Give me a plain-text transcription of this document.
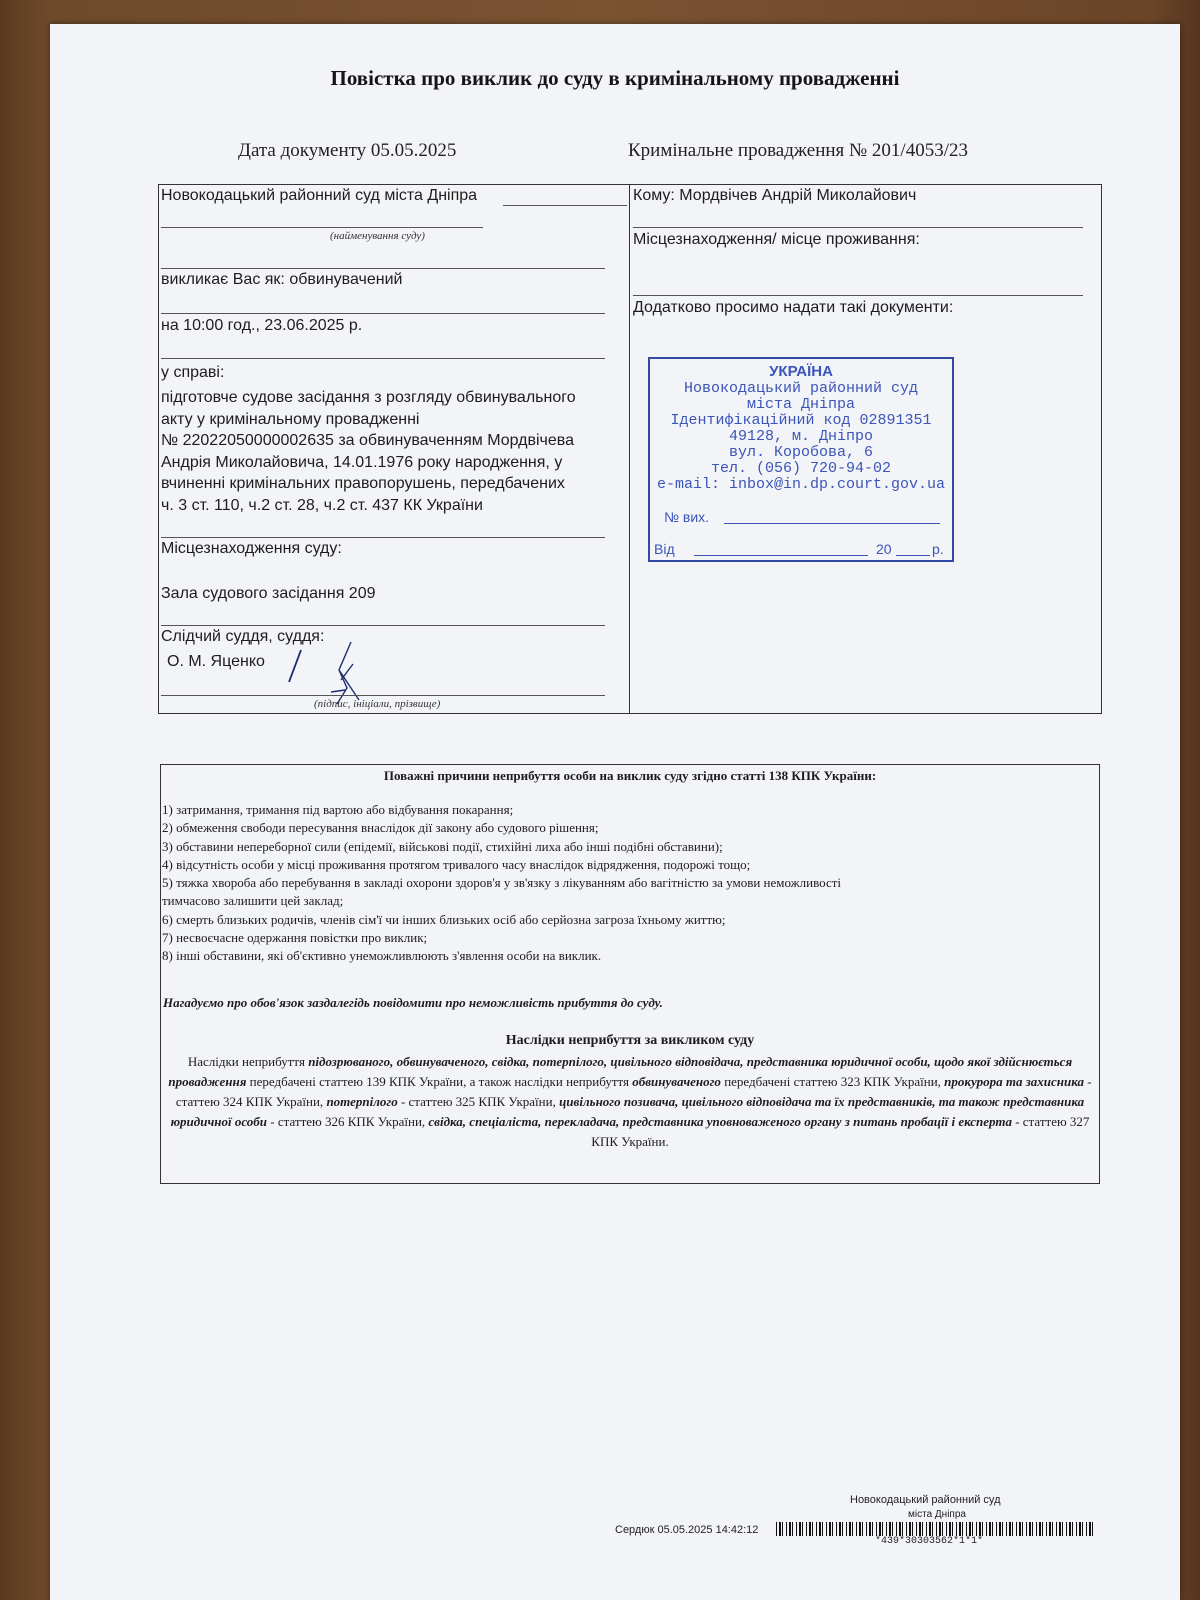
Повістка про виклик до суду в кримінальному провадженні
Дата документу 05.05.2025	Кримінальне провадження № 201/4053/23
Новокодацький районний суд міста Дніпра
(найменування суду)
викликає Вас як: обвинувачений
на 10:00 год., 23.06.2025 р.
у справі:
підготовче судове засідання з розгляду обвинувального
акту у кримінальному провадженні
№ 22022050000002635 за обвинуваченням Мордвічева
Андрія Миколайовича, 14.01.1976 року народження, у
вчиненні кримінальних правопорушень, передбачених
ч. 3 ст. 110, ч.2 ст. 28, ч.2 ст. 437 КК України
Місцезнаходження суду:
Зала судового засідання 209
Слідчий суддя, суддя:
О. М. Яценко
(підпис, ініціали, прізвище)
Кому: Мордвічев Андрій Миколайович
Місцезнаходження/ місце проживання:
Додатково просимо надати такі документи:
УКРАЇНА
Новокодацький районний суд
міста Дніпра
Ідентифікаційний код 02891351
49128, м. Дніпро
вул. Коробова, 6
тел. (056) 720-94-02
e-mail: inbox@in.dp.court.gov.ua
№ вих.
Від	20	р.
Поважні причини неприбуття особи на виклик суду згідно статті 138 КПК України:
1) затримання, тримання під вартою або відбування покарання;
2) обмеження свободи пересування внаслідок дії закону або судового рішення;
3) обставини непереборної сили (епідемії, військові події, стихійні лиха або інші подібні обставини);
4) відсутність особи у місці проживання протягом тривалого часу внаслідок відрядження, подорожі тощо;
5) тяжка хвороба або перебування в закладі охорони здоров'я у зв'язку з лікуванням або вагітністю за умови неможливості
тимчасово залишити цей заклад;
6) смерть близьких родичів, членів сім'ї чи інших близьких осіб або серйозна загроза їхньому життю;
7) несвоєчасне одержання повістки про виклик;
8) інші обставини, які об'єктивно унеможливлюють з'явлення особи на виклик.
Нагадуємо про обов'язок заздалегідь повідомити про неможливість прибуття до суду.
Наслідки неприбуття за викликом суду
Наслідки неприбуття підозрюваного, обвинуваченого, свідка, потерпілого, цивільного відповідача, представника юридичної особи, щодо якої здійснюється провадження передбачені статтею 139 КПК України, а також наслідки неприбуття обвинуваченого передбачені статтею 323 КПК України, прокурора та захисника - статтею 324 КПК України, потерпілого - статтею 325 КПК України, цивільного позивача, цивільного відповідача та їх представників, та також представника юридичної особи - статтею 326 КПК України, свідка, спеціаліста, перекладача, представника уповноваженого органу з питань пробації і експерта - статтею 327 КПК України.
Новокодацький районний суд
міста Дніпра
Сердюк 05.05.2025 14:42:12
*439*30303562*1*1*
